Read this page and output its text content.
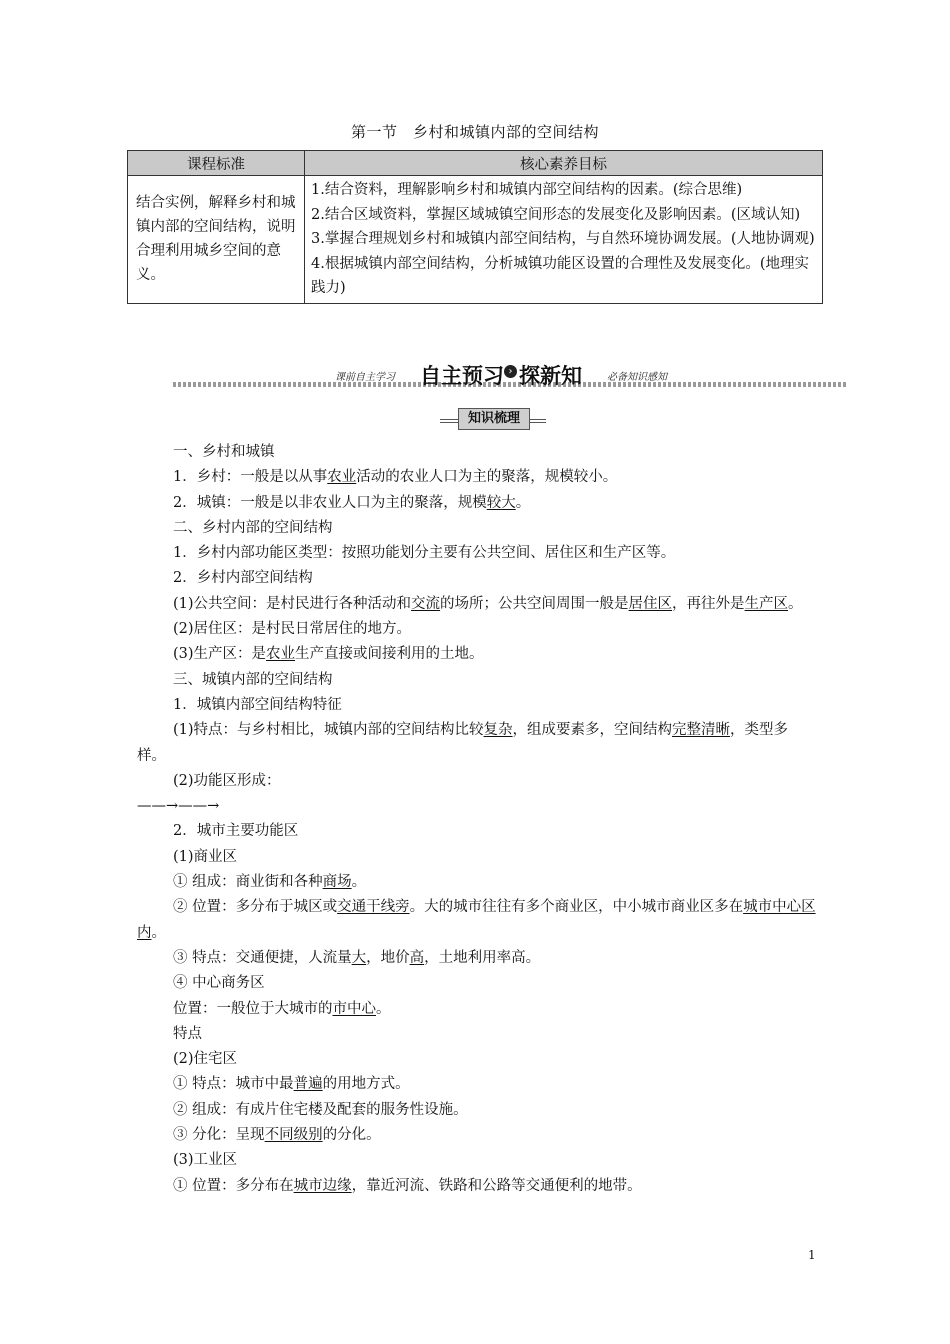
第一节　乡村和城镇内部的空间结构
课程标准	核心素养目标
结合实例，解释乡村和城镇内部的空间结构，说明合理利用城乡空间的意义。	1.结合资料，理解影响乡村和城镇内部空间结构的因素。(综合思维)
2.结合区域资料，掌握区域城镇空间形态的发展变化及影响因素。(区域认知)
3.掌握合理规划乡村和城镇内部空间结构，与自然环境协调发展。(人地协调观)
4.根据城镇内部空间结构，分析城镇功能区设置的合理性及发展变化。(地理实践力)
课前自主学习 自主预习 › 探新知	必备知识感知
知识梳理

一、乡村和城镇

1．乡村：一般是以从事农业活动的农业人口为主的聚落，规模较小。

2．城镇：一般是以非农业人口为主的聚落，规模较大。

二、乡村内部的空间结构

1．乡村内部功能区类型：按照功能划分主要有公共空间、居住区和生产区等。

2．乡村内部空间结构

(1)公共空间：是村民进行各种活动和交流的场所；公共空间周围一般是居住区，再往外是生产区。

(2)居住区：是村民日常居住的地方。

(3)生产区：是农业生产直接或间接利用的土地。

三、城镇内部的空间结构

1．城镇内部空间结构特征

(1)特点：与乡村相比，城镇内部的空间结构比较复杂，组成要素多，空间结构完整清晰，类型多样。

(2)功能区形成：

——→——→

2．城市主要功能区

(1)商业区

① 组成：商业街和各种商场。

② 位置：多分布于城区或交通干线旁。大的城市往往有多个商业区，中小城市商业区多在城市中心区内。

③ 特点：交通便捷，人流量大，地价高，土地利用率高。

④ 中心商务区

位置：一般位于大城市的市中心。

特点

(2)住宅区

① 特点：城市中最普遍的用地方式。

② 组成：有成片住宅楼及配套的服务性设施。

③ 分化：呈现不同级别的分化。

(3)工业区

① 位置：多分布在城市边缘，靠近河流、铁路和公路等交通便利的地带。

1
